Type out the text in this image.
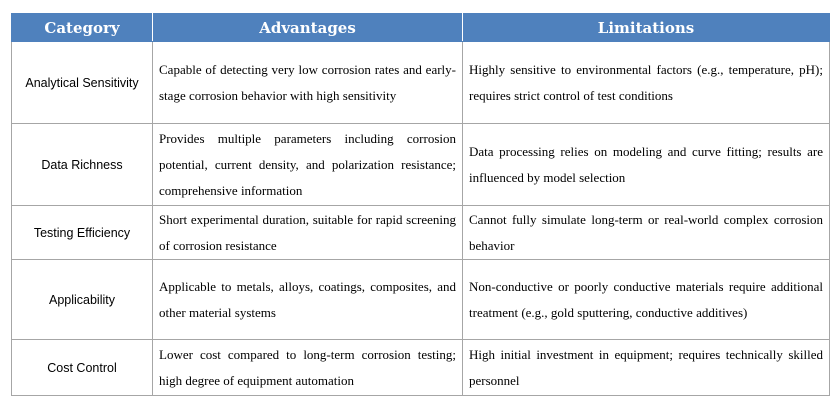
Category	Advantages	Limitations
Analytical Sensitivity	Capable of detecting very low corrosion rates and early-stage corrosion behavior with high sensitivity	Highly sensitive to environmental factors (e.g., temperature, pH); requires strict control of test conditions
Data Richness	Provides multiple parameters including corrosion potential, current density, and polarization resistance; comprehensive information	Data processing relies on modeling and curve fitting; results are influenced by model selection
Testing Efficiency	Short experimental duration, suitable for rapid screening of corrosion resistance	Cannot fully simulate long-term or real-world complex corrosion behavior
Applicability	Applicable to metals, alloys, coatings, composites, and other material systems	Non-conductive or poorly conductive materials require additional treatment (e.g., gold sputtering, conductive additives)
Cost Control	Lower cost compared to long-term corrosion testing; high degree of equipment automation	High initial investment in equipment; requires technically skilled personnel
